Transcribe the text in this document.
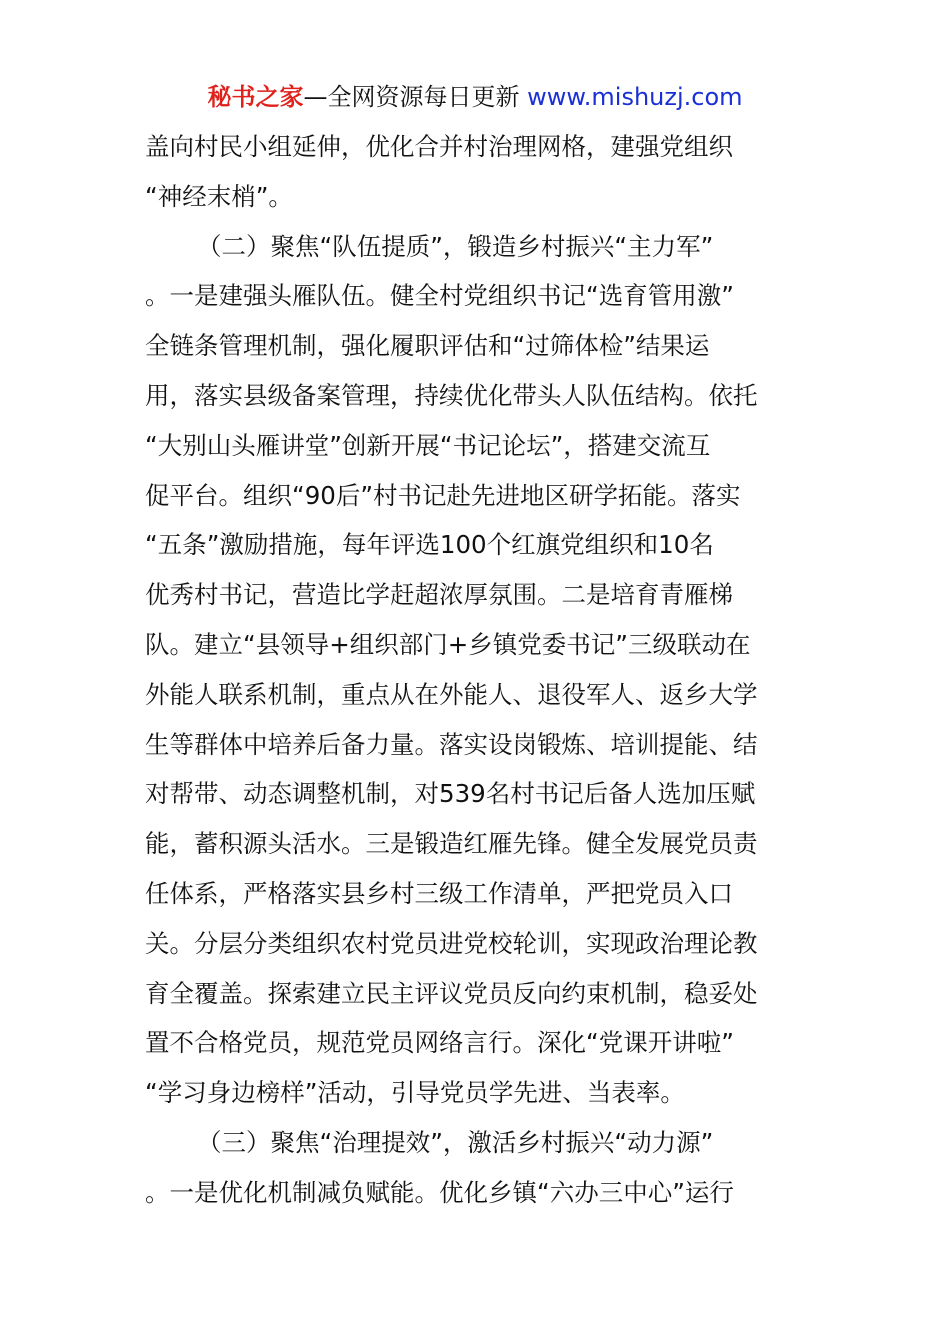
秘书之家—全网资源每日更新 www.mishuzj.com
盖向村民小组延伸，优化合并村治理网格，建强党组织
“神经末梢”。
（二）聚焦“队伍提质”，锻造乡村振兴“主力军”
。一是建强头雁队伍。健全村党组织书记“选育管用激”
全链条管理机制，强化履职评估和“过筛体检”结果运
用，落实县级备案管理，持续优化带头人队伍结构。依托
“大别山头雁讲堂”创新开展“书记论坛”，搭建交流互
促平台。组织“90后”村书记赴先进地区研学拓能。落实
“五条”激励措施，每年评选100个红旗党组织和10名
优秀村书记，营造比学赶超浓厚氛围。二是培育青雁梯
队。建立“县领导+组织部门+乡镇党委书记”三级联动在
外能人联系机制，重点从在外能人、退役军人、返乡大学
生等群体中培养后备力量。落实设岗锻炼、培训提能、结
对帮带、动态调整机制，对539名村书记后备人选加压赋
能，蓄积源头活水。三是锻造红雁先锋。健全发展党员责
任体系，严格落实县乡村三级工作清单，严把党员入口
关。分层分类组织农村党员进党校轮训，实现政治理论教
育全覆盖。探索建立民主评议党员反向约束机制，稳妥处
置不合格党员，规范党员网络言行。深化“党课开讲啦”
“学习身边榜样”活动，引导党员学先进、当表率。
（三）聚焦“治理提效”，激活乡村振兴“动力源”
。一是优化机制减负赋能。优化乡镇“六办三中心”运行
